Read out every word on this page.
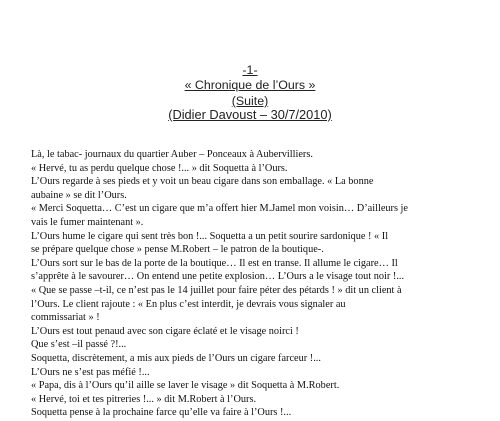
-1-
« Chronique de l’Ours »
(Suite)
(Didier Davoust – 30/7/2010)

Là, le tabac- journaux du quartier Auber – Ponceaux à Aubervilliers.

« Hervé, tu as perdu quelque chose !... » dit Soquetta à l’Ours.

L’Ours regarde à ses pieds et y voit un beau cigare dans son emballage. « La bonne

aubaine » se dit l’Ours.

« Merci Soquetta… C’est un cigare que m’a offert hier M.Jamel mon voisin… D’ailleurs je

vais le fumer maintenant ».

L’Ours hume le cigare qui sent très bon !... Soquetta a un petit sourire sardonique ! « Il

se prépare quelque chose » pense M.Robert – le patron de la boutique-.

L’Ours sort sur le bas de la porte de la boutique… Il est en transe. Il allume le cigare… Il

s’apprête à le savourer… On entend une petite explosion… L’Ours a le visage tout noir !...

« Que se passe –t-il, ce n’est pas le 14 juillet pour faire péter des pétards ! » dit un client à

l’Ours. Le client rajoute : « En plus c’est interdit, je devrais vous signaler au

commissariat » !

L’Ours est tout penaud avec son cigare éclaté et le visage noirci !

Que s’est –il passé ?!...

Soquetta, discrètement, a mis aux pieds de l’Ours un cigare farceur !...

L’Ours ne s’est pas méfié !...

« Papa, dis à l’Ours qu’il aille se laver le visage » dit Soquetta à M.Robert.

« Hervé, toi et tes pitreries !... » dit M.Robert à l’Ours.

Soquetta pense à la prochaine farce qu’elle va faire à l’Ours !...
